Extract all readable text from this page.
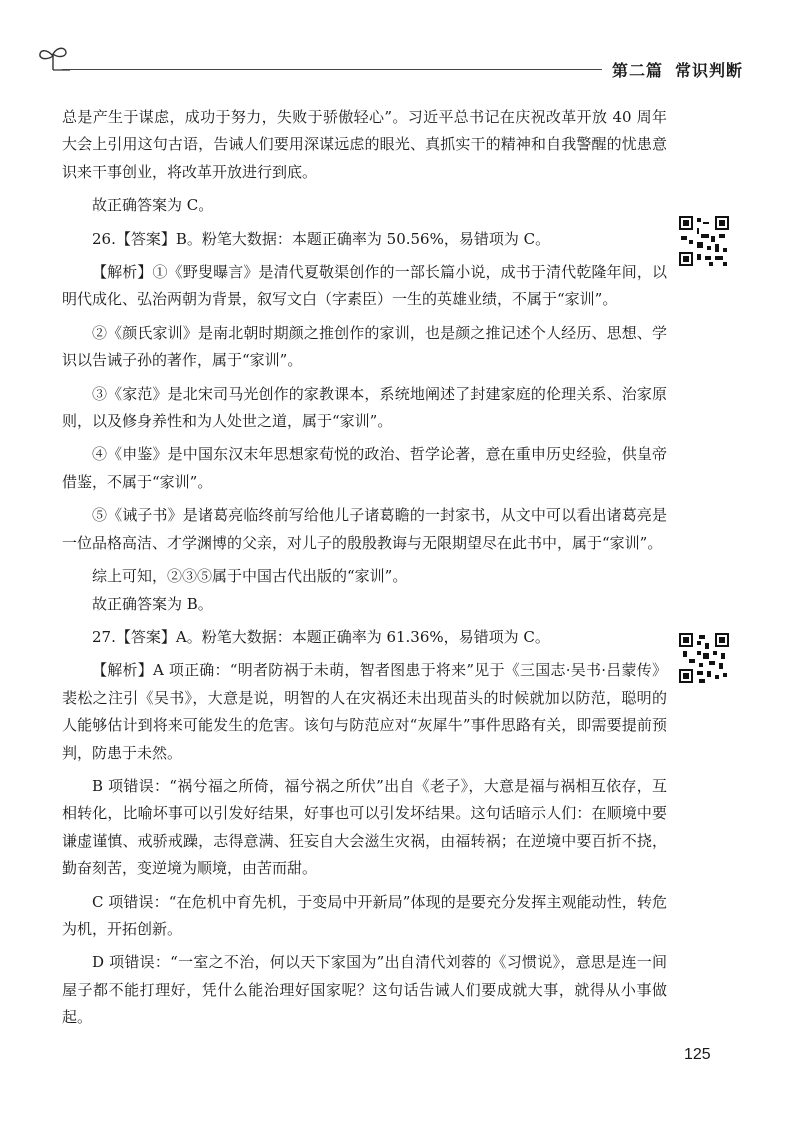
第二篇 常识判断

总是产生于谋虑，成功于努力，失败于骄傲轻心”。习近平总书记在庆祝改革开放 40 周年大会上引用这句古语，告诫人们要用深谋远虑的眼光、真抓实干的精神和自我警醒的忧患意识来干事创业，将改革开放进行到底。

故正确答案为 C。

26.【答案】B。粉笔大数据：本题正确率为 50.56%，易错项为 C。

【解析】①《野叟曝言》是清代夏敬渠创作的一部长篇小说，成书于清代乾隆年间，以明代成化、弘治两朝为背景，叙写文白（字素臣）一生的英雄业绩，不属于“家训”。

②《颜氏家训》是南北朝时期颜之推创作的家训，也是颜之推记述个人经历、思想、学识以告诫子孙的著作，属于“家训”。

③《家范》是北宋司马光创作的家教课本，系统地阐述了封建家庭的伦理关系、治家原则，以及修身养性和为人处世之道，属于“家训”。

④《申鉴》是中国东汉末年思想家荀悦的政治、哲学论著，意在重申历史经验，供皇帝借鉴，不属于“家训”。

⑤《诫子书》是诸葛亮临终前写给他儿子诸葛瞻的一封家书，从文中可以看出诸葛亮是一位品格高洁、才学渊博的父亲，对儿子的殷殷教诲与无限期望尽在此书中，属于“家训”。

综上可知，②③⑤属于中国古代出版的“家训”。

故正确答案为 B。

27.【答案】A。粉笔大数据：本题正确率为 61.36%，易错项为 C。

【解析】A 项正确：“明者防祸于未萌，智者图患于将来”见于《三国志·吴书·吕蒙传》裴松之注引《吴书》，大意是说，明智的人在灾祸还未出现苗头的时候就加以防范，聪明的人能够估计到将来可能发生的危害。该句与防范应对“灰犀牛”事件思路有关，即需要提前预判，防患于未然。

B 项错误：“祸兮福之所倚，福兮祸之所伏”出自《老子》，大意是福与祸相互依存，互相转化，比喻坏事可以引发好结果，好事也可以引发坏结果。这句话暗示人们：在顺境中要谦虚谨慎、戒骄戒躁，志得意满、狂妄自大会滋生灾祸，由福转祸；在逆境中要百折不挠，勤奋刻苦，变逆境为顺境，由苦而甜。

C 项错误：“在危机中育先机，于变局中开新局”体现的是要充分发挥主观能动性，转危为机，开拓创新。

D 项错误：“一室之不治，何以天下家国为”出自清代刘蓉的《习惯说》，意思是连一间屋子都不能打理好，凭什么能治理好国家呢？这句话告诫人们要成就大事，就得从小事做起。

125
